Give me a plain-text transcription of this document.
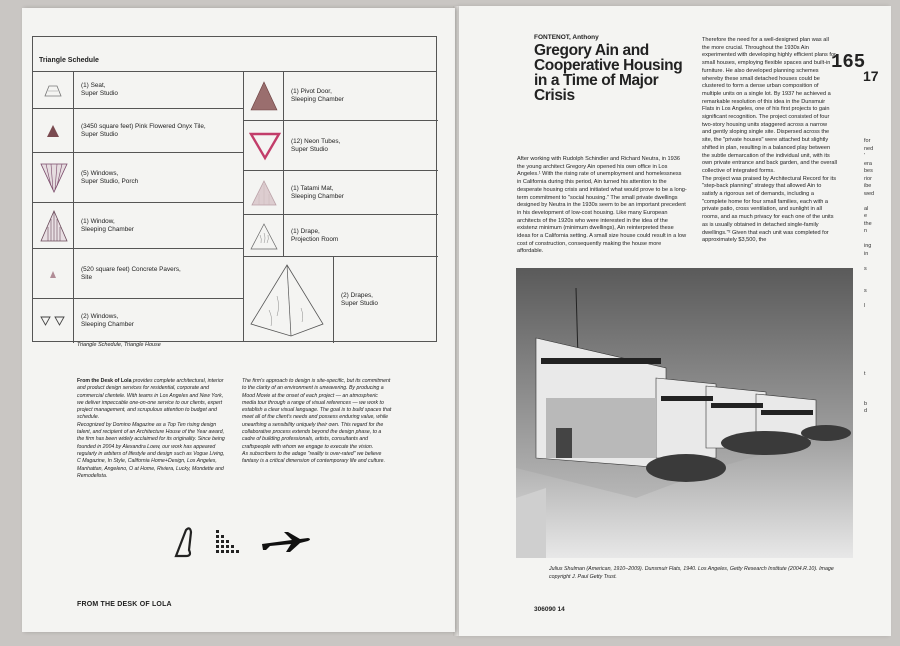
Triangle Schedule
(1) Seat,
Super Studio
(3450 square feet) Pink Flowered Onyx Tile,
Super Studio
(5) Windows,
Super Studio, Porch
(1) Window,
Sleeping Chamber
(520 square feet) Concrete Pavers,
Site
(2) Windows,
Sleeping Chamber
(1) Pivot Door,
Sleeping Chamber
(12) Neon Tubes,
Super Studio
(1) Tatami Mat,
Sleeping Chamber
(1) Drape,
Projection Room
(2) Drapes,
Super Studio
Triangle Schedule, Triangle House
From the Desk of Lola provides complete architectural, interior and product design services for residential, corporate and commercial clientele. With teams in Los Angeles and New York, we deliver impeccable one-on-one service to our clients, expert project management, and scrupulous attention to budget and schedule.
Recognized by Domino Magazine as a Top Ten rising design talent, and recipient of an Architecture House of the Year award, the firm has been widely acclaimed for its originality. Since being founded in 2004 by Alexandra Loew, our work has appeared regularly in arbiters of lifestyle and design such as Vogue Living, C Magazine, In Style, California Home+Design, Los Angeles, Manhattan, Angeleno, O at Home, Riviera, Lucky, Mondette and Remodelista.
The firm's approach to design is site-specific, but its commitment to the clarity of an environment is unwavering. By producing a Mood Movie at the onset of each project — an atmospheric media tour through a range of visual references — we work to establish a clear visual language. The goal is to build spaces that meet all of the client's needs and possess enduring value, while unearthing a sensibility uniquely their own. This regard for the collaborative process extends beyond the design phase, to a cadre of building professionals, artists, consultants and craftspeople with whom we engage to execute the vision.
As subscribers to the adage "reality is over-rated" we believe fantasy is a critical dimension of contemporary life and culture.
FROM THE DESK OF LOLA
FONTENOT, Anthony
Gregory Ain and Cooperative Housing in a Time of Major Crisis
After working with Rudolph Schindler and Richard Neutra, in 1936 the young architect Gregory Ain opened his own office in Los Angeles.¹ With the rising rate of unemployment and homelessness in California during this period, Ain turned his attention to the desperate housing crisis and initiated what would prove to be a long-term commitment to "social housing." The small private dwellings designed by Neutra in the 1930s seem to be an important precedent in his development of low-cost housing. Like many European architects of the 1920s who were interested in the idea of the existenz minimum (minimum dwellings), Ain reinterpreted these ideas for a California setting. A small size house could result in a low cost of construction, consequently making the house more affordable.
Therefore the need for a well-designed plan was all the more crucial. Throughout the 1930s Ain experimented with developing highly efficient plans for small houses, employing flexible spaces and built-in furniture. He also developed planning schemes whereby these small detached houses could be clustered to form a dense urban composition of multiple units on a single lot. By 1937 he achieved a remarkable resolution of this idea in the Dunsmuir Flats in Los Angeles, one of his first projects to gain significant recognition. The project consisted of four two-story housing units staggered across a narrow and gently sloping single site. Dispersed across the site, the "private houses" were attached but slightly shifted in plan, resulting in a balanced play between the subtle demarcation of the individual unit, with its own private entrance and back garden, and the overall collective of integrated forms.
The project was praised by Architectural Record for its "step-back planning" strategy that allowed Ain to satisfy a rigorous set of demands, including a "complete home for four small families, each with a private patio, cross ventilation, and sunlight in all rooms, and as much privacy for each one of the units as is usually obtained in detached single-family dwellings."² Given that each unit was completed for approximately $3,500, the
165
17
for
ned
'
era
bes
rior
ibe
wed

al
e
the
n

ing
in

s

s

l

t

b
d
Julius Shulman (American, 1910–2009). Dunsmuir Flats, 1940. Los Angeles, Getty Research Institute (2004.R.10). Image copyright J. Paul Getty Trust.
306090 14
